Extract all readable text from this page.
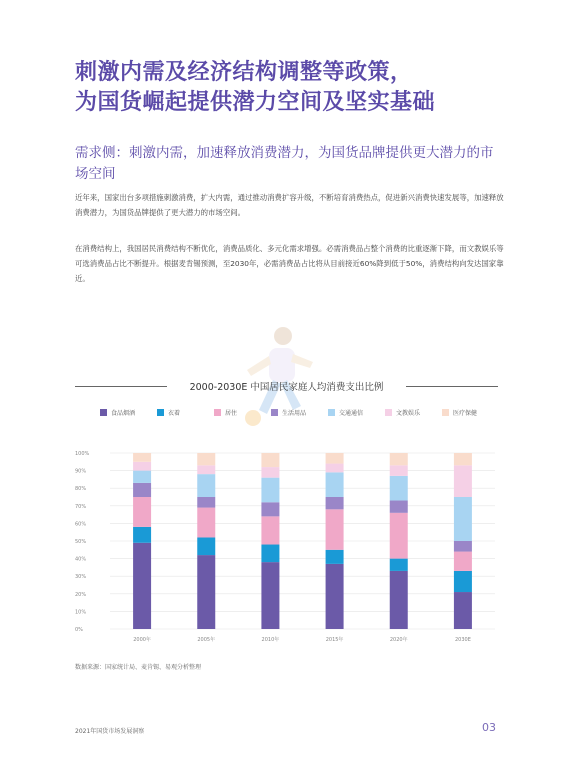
刺激内需及经济结构调整等政策，
为国货崛起提供潜力空间及坚实基础
需求侧：刺激内需，加速释放消费潜力，为国货品牌提供更大潜力的市场空间
近年来，国家出台多项措施刺激消费，扩大内需，通过推动消费扩容升级，不断培育消费热点，促进新兴消费快速发展等，加速释放消费潜力，为国货品牌提供了更大潜力的市场空间。
在消费结构上，我国居民消费结构不断优化，消费品质化、多元化需求增强。必需消费品占整个消费的比重逐渐下降，而文教娱乐等可选消费品占比不断提升。根据麦肯锡预测，至2030年，必需消费品占比将从目前接近60%降到低于50%，消费结构向发达国家靠近。
2000-2030E 中国居民家庭人均消费支出比例
食品烟酒	衣着	居住	生活用品	交通通信	文教娱乐	医疗保健
0%
10%
20%
30%
40%
50%
60%
70%
80%
90%
100%
2000年	2005年	2010年	2015年	2020年	2030E
数据来源：国家统计局、麦肯锡、易观分析整理
2021年国货市场发展洞察	03
